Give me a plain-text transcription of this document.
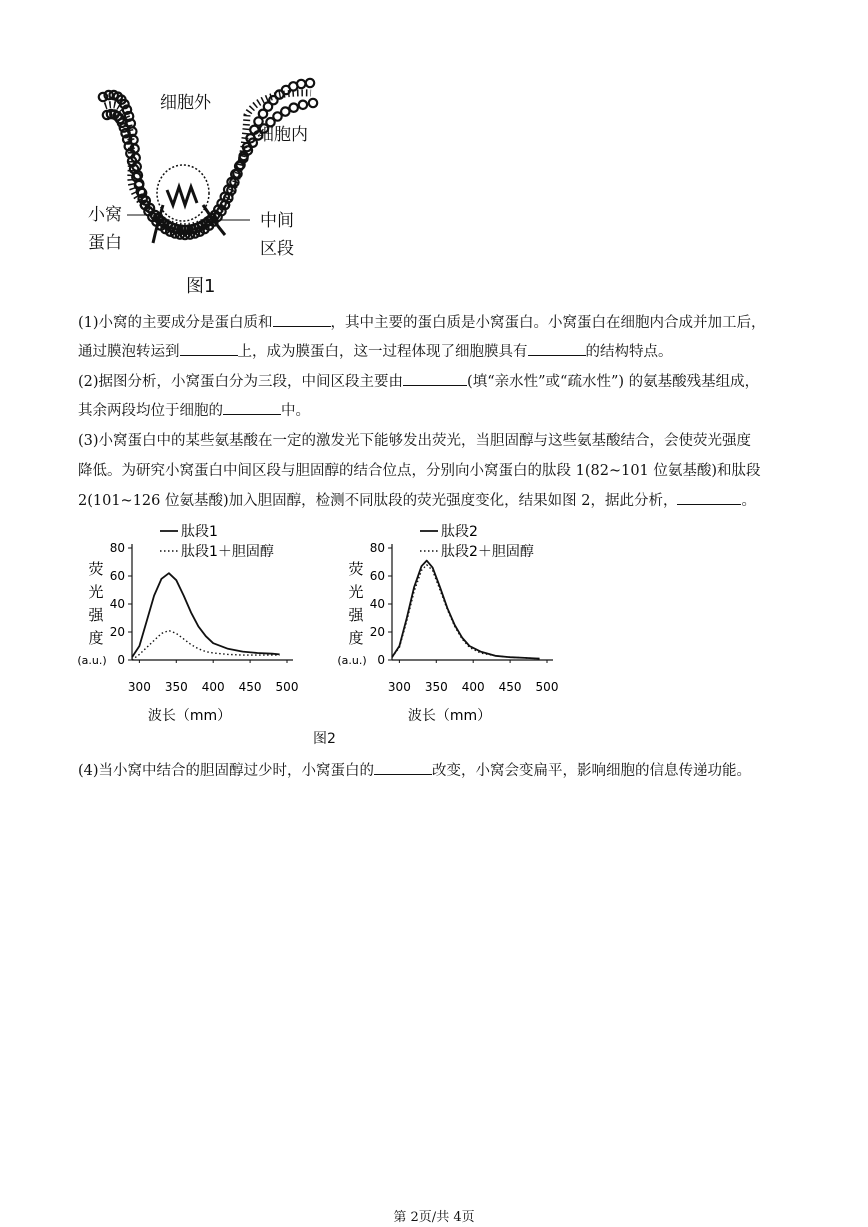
细胞外
细胞内
小窝
蛋白
中间
区段
图1
(1)小窝的主要成分是蛋白质和	，其中主要的蛋白质是小窝蛋白。小窝蛋白在细胞内合成并加工后，
通过膜泡转运到	上，成为膜蛋白，这一过程体现了细胞膜具有	的结构特点。
(2)据图分析，小窝蛋白分为三段，中间区段主要由	(填“亲水性”或“疏水性”) 的氨基酸残基组成，
其余两段均位于细胞的	中。
(3)小窝蛋白中的某些氨基酸在一定的激发光下能够发出荧光，当胆固醇与这些氨基酸结合，会使荧光强度
降低。为研究小窝蛋白中间区段与胆固醇的结合位点，分别向小窝蛋白的肽段 1(82~101 位氨基酸)和肽段
2(101~126 位氨基酸)加入胆固醇，检测不同肽段的荧光强度变化，结果如图 2，据此分析，	。
0
20
40
60
80
300 350 400 450 500
荧
光
强
度
(a.u.)
波长（mm）
肽段1
肽段1＋胆固醇
0
20
40
60
80
300 350 400 450 500
荧
光
强
度
(a.u.)
波长（mm）
肽段2
肽段2＋胆固醇
图2
(4)当小窝中结合的胆固醇过少时，小窝蛋白的	改变，小窝会变扁平，影响细胞的信息传递功能。
第 2页/共 4页
